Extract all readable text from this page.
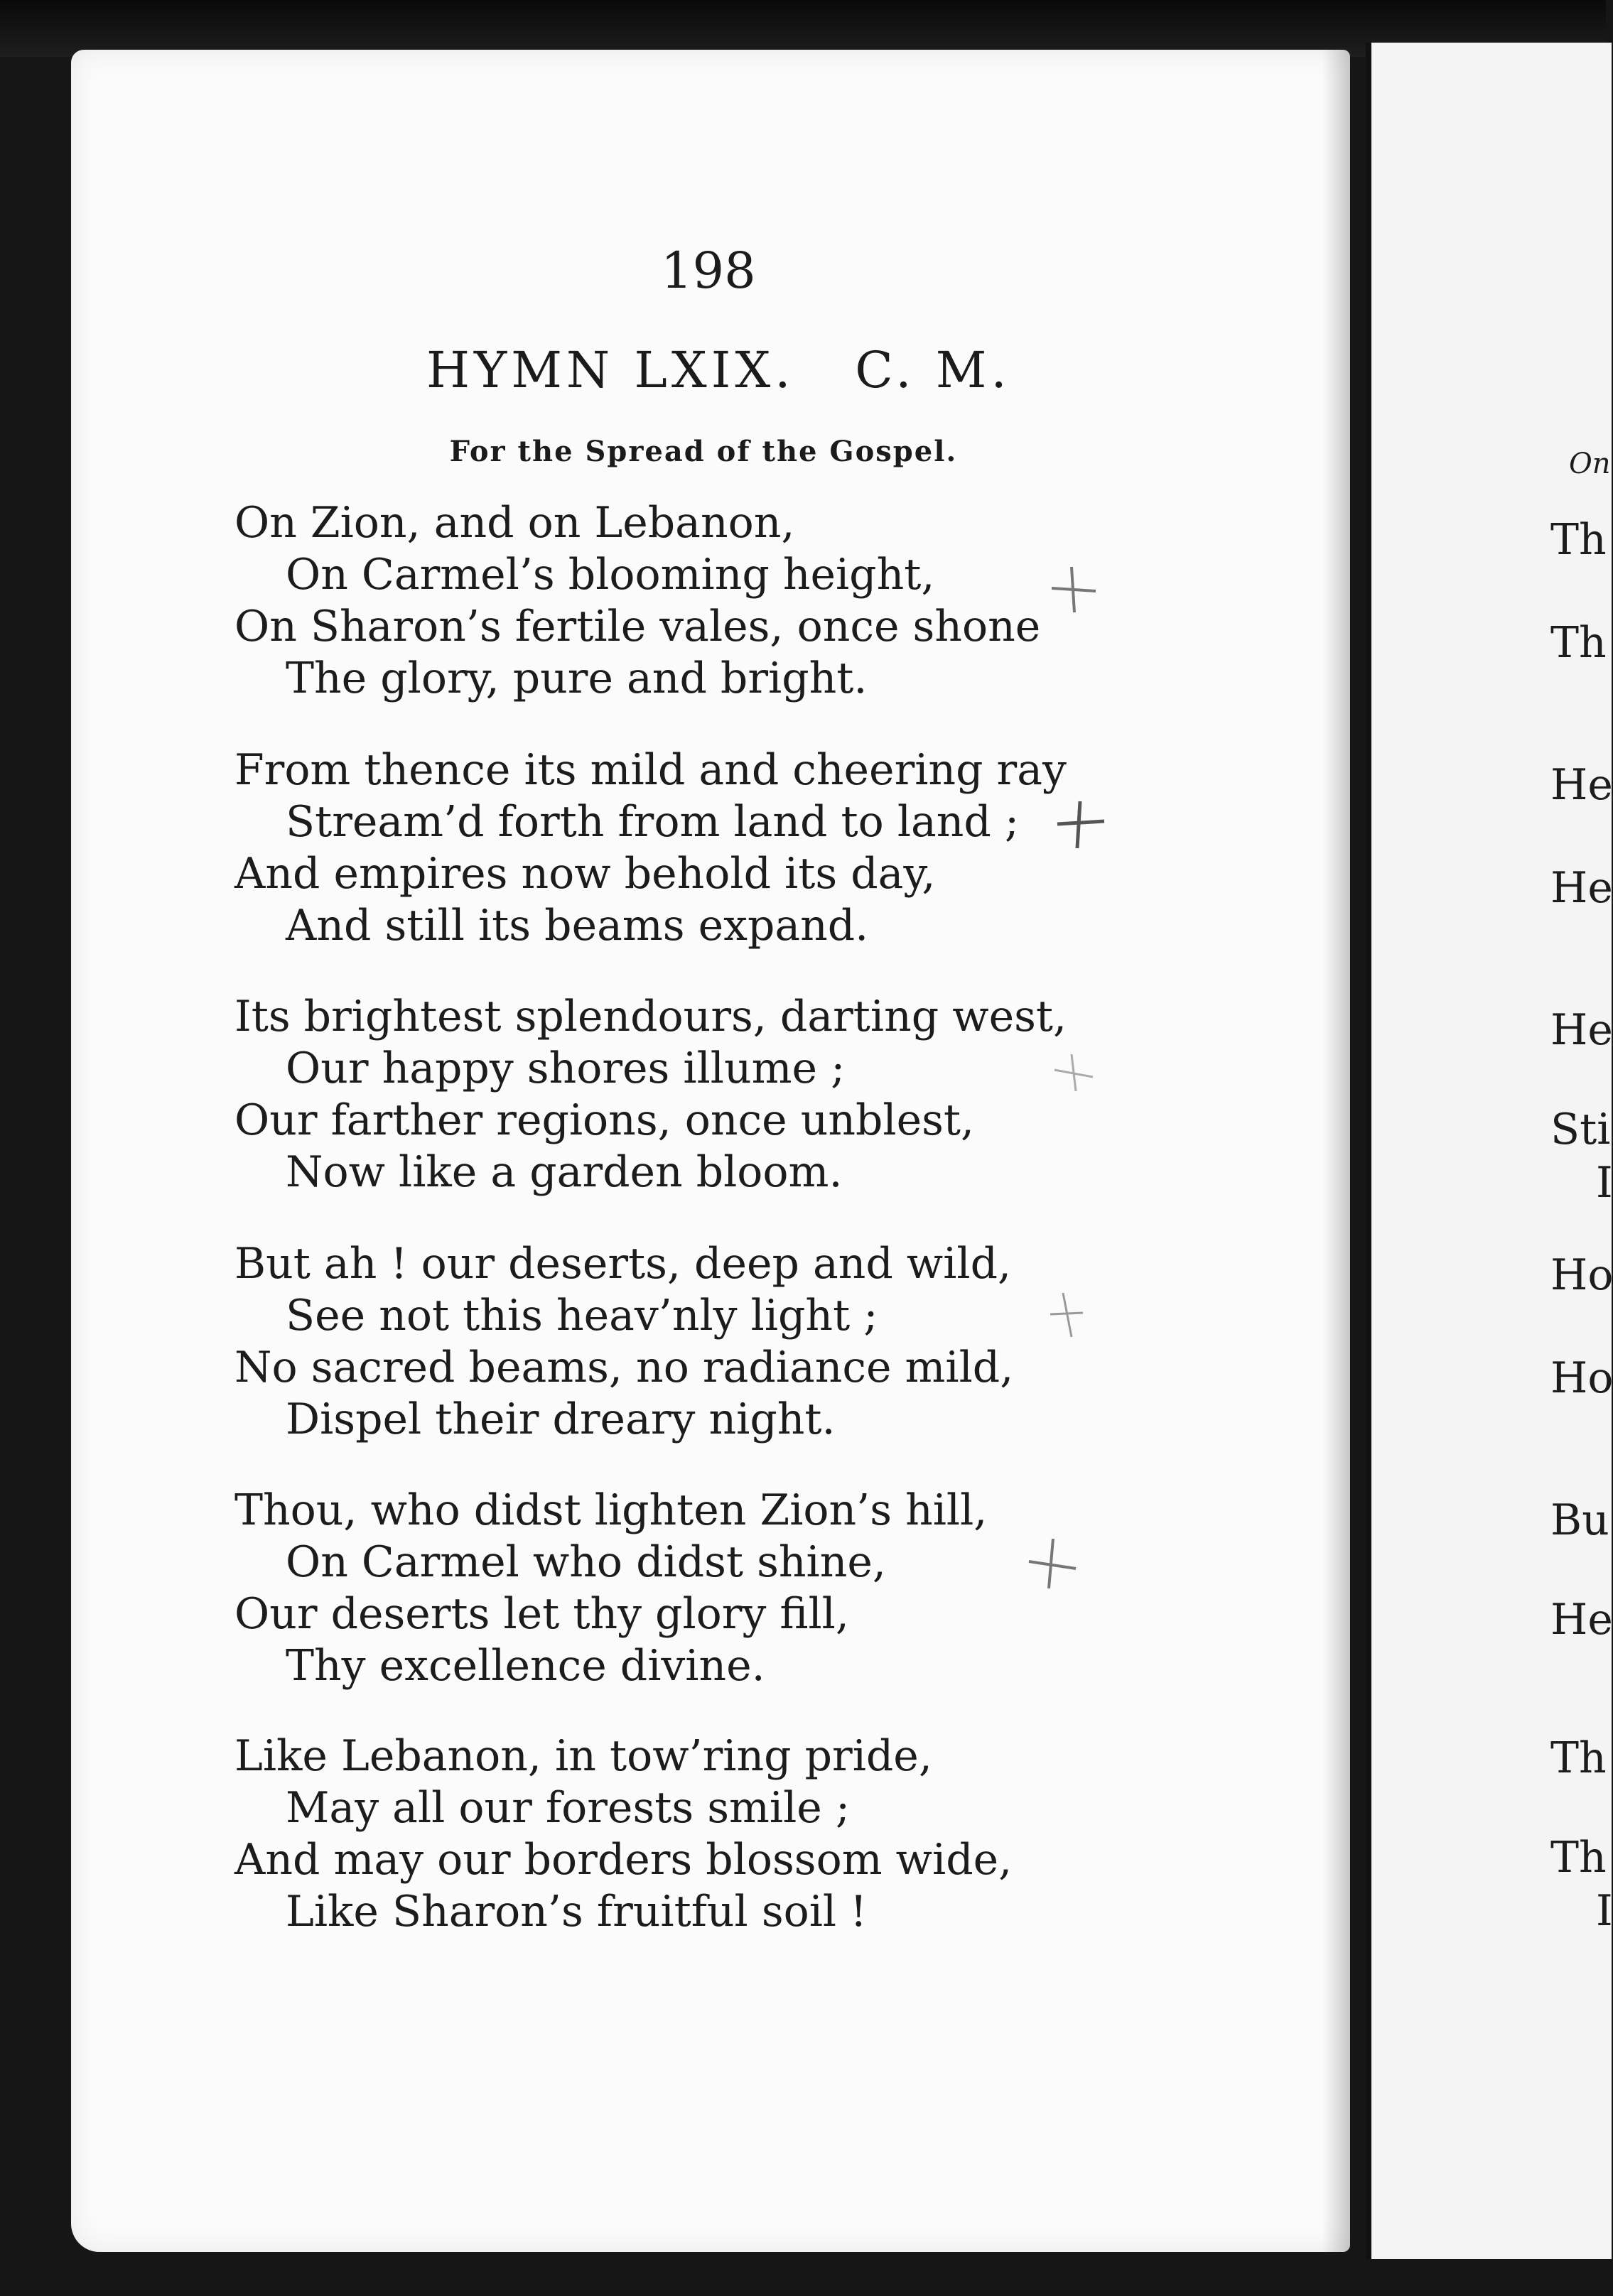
198
HYMN LXIX.   C. M.
For the Spread of the Gospel.
On Zion, and on Lebanon,
On Carmel’s blooming height,
On Sharon’s fertile vales, once shone
The glory, pure and bright.
From thence its mild and cheering ray
Stream’d forth from land to land ;
And empires now behold its day,
And still its beams expand.
Its brightest splendours, darting west,
Our happy shores illume ;
Our farther regions, once unblest,
Now like a garden bloom.
But ah ! our deserts, deep and wild,
See not this heav’nly light ;
No sacred beams, no radiance mild,
Dispel their dreary night.
Thou, who didst lighten Zion’s hill,
On Carmel who didst shine,
Our deserts let thy glory fill,
Thy excellence divine.
Like Lebanon, in tow’ring pride,
May all our forests smile ;
And may our borders blossom wide,
Like Sharon’s fruitful soil !
On
Th
Th
He
He
He
Sti
I
Ho
Ho
Bu
He
Th
Th
I
